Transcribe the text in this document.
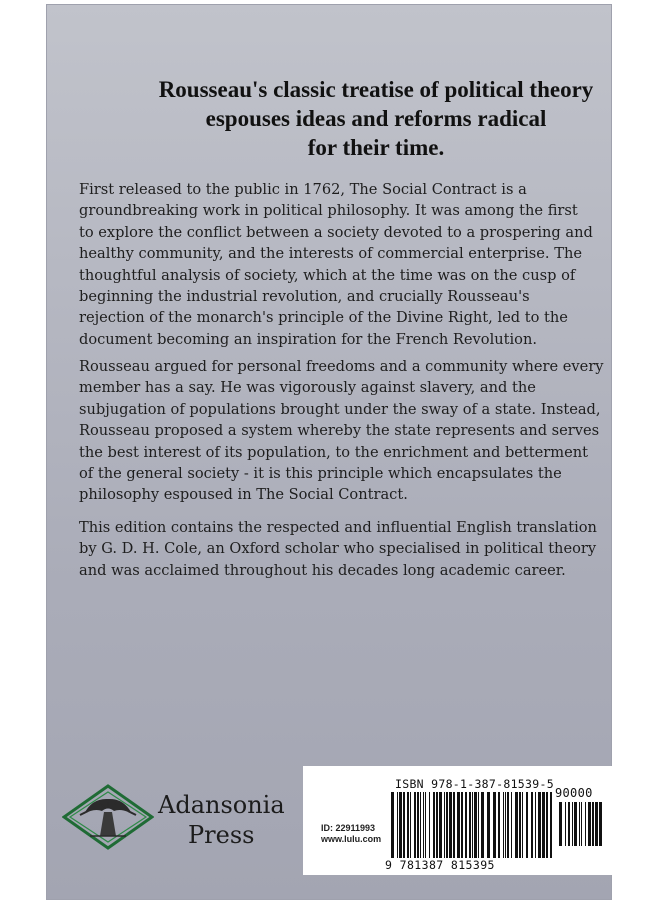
Rousseau's classic treatise of political theory
espouses ideas and reforms radical
for their time.
First released to the public in 1762, The Social Contract is a
groundbreaking work in political philosophy. It was among the first
to explore the conflict between a society devoted to a prospering and
healthy community, and the interests of commercial enterprise. The
thoughtful analysis of society, which at the time was on the cusp of
beginning the industrial revolution, and crucially Rousseau's
rejection of the monarch's principle of the Divine Right, led to the
document becoming an inspiration for the French Revolution.
Rousseau argued for personal freedoms and a community where every
member has a say. He was vigorously against slavery, and the
subjugation of populations brought under the sway of a state. Instead,
Rousseau proposed a system whereby the state represents and serves
the best interest of its population, to the enrichment and betterment
of the general society - it is this principle which encapsulates the
philosophy espoused in The Social Contract.
This edition contains the respected and influential English translation
by G. D. H. Cole, an Oxford scholar who specialised in political theory
and was acclaimed throughout his decades long academic career.
Adansonia
Press
ISBN 978-1-387-81539-5
90000
9 781387 815395
ID: 22911993
www.lulu.com
